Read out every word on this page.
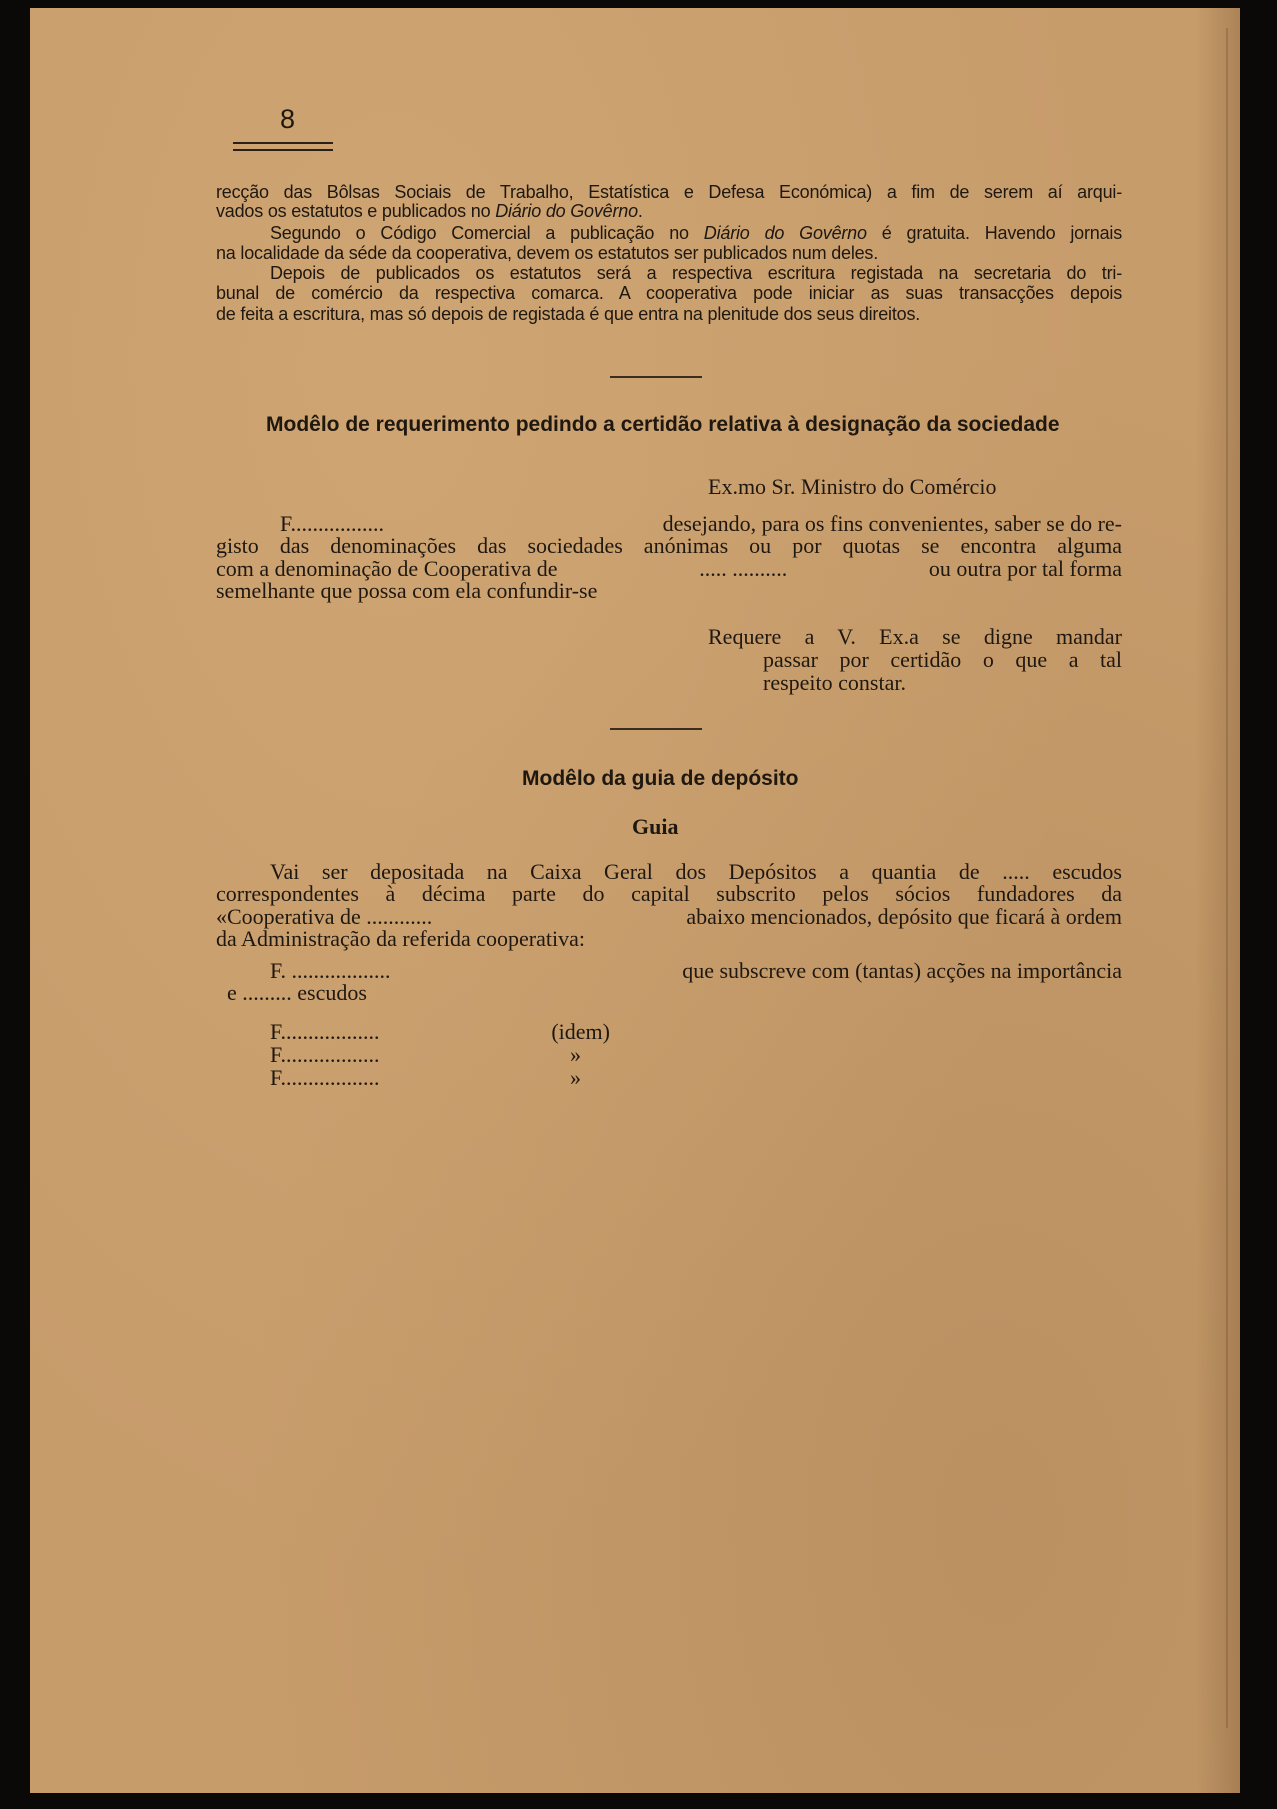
8
recção das Bôlsas Sociais de Trabalho, Estatística e Defesa Económica) a fim de serem aí arqui-
vados os estatutos e publicados no Diário do Govêrno.
Segundo o Código Comercial a publicação no Diário do Govêrno é gratuita. Havendo jornais
na localidade da séde da cooperativa, devem os estatutos ser publicados num deles.
Depois de publicados os estatutos será a respectiva escritura registada na secretaria do tri-
bunal de comércio da respectiva comarca. A cooperativa pode iniciar as suas transacções depois
de feita a escritura, mas só depois de registada é que entra na plenitude dos seus direitos.
Modêlo de requerimento pedindo a certidão relativa à designação da sociedade
Ex.mo Sr. Ministro do Comércio
F.................	desejando, para os fins convenientes, saber se do re-
gisto das denominações das sociedades anónimas ou por quotas se encontra alguma
com a denominação de Cooperativa de	..... ..........	ou outra por tal forma
semelhante que possa com ela confundir-se
Requere a V. Ex.a se digne mandar
passar por certidão o que a tal
respeito constar.
Modêlo da guia de depósito
Guia
Vai ser depositada na Caixa Geral dos Depósitos a quantia de ..... escudos
correspondentes à décima parte do capital subscrito pelos sócios fundadores da
«Cooperativa de ............	abaixo mencionados, depósito que ficará à ordem
da Administração da referida cooperativa:
F. ..................	que subscreve com (tantas) acções na importância
e ......... escudos
F..................	(idem)
F..................	»
F..................	»
